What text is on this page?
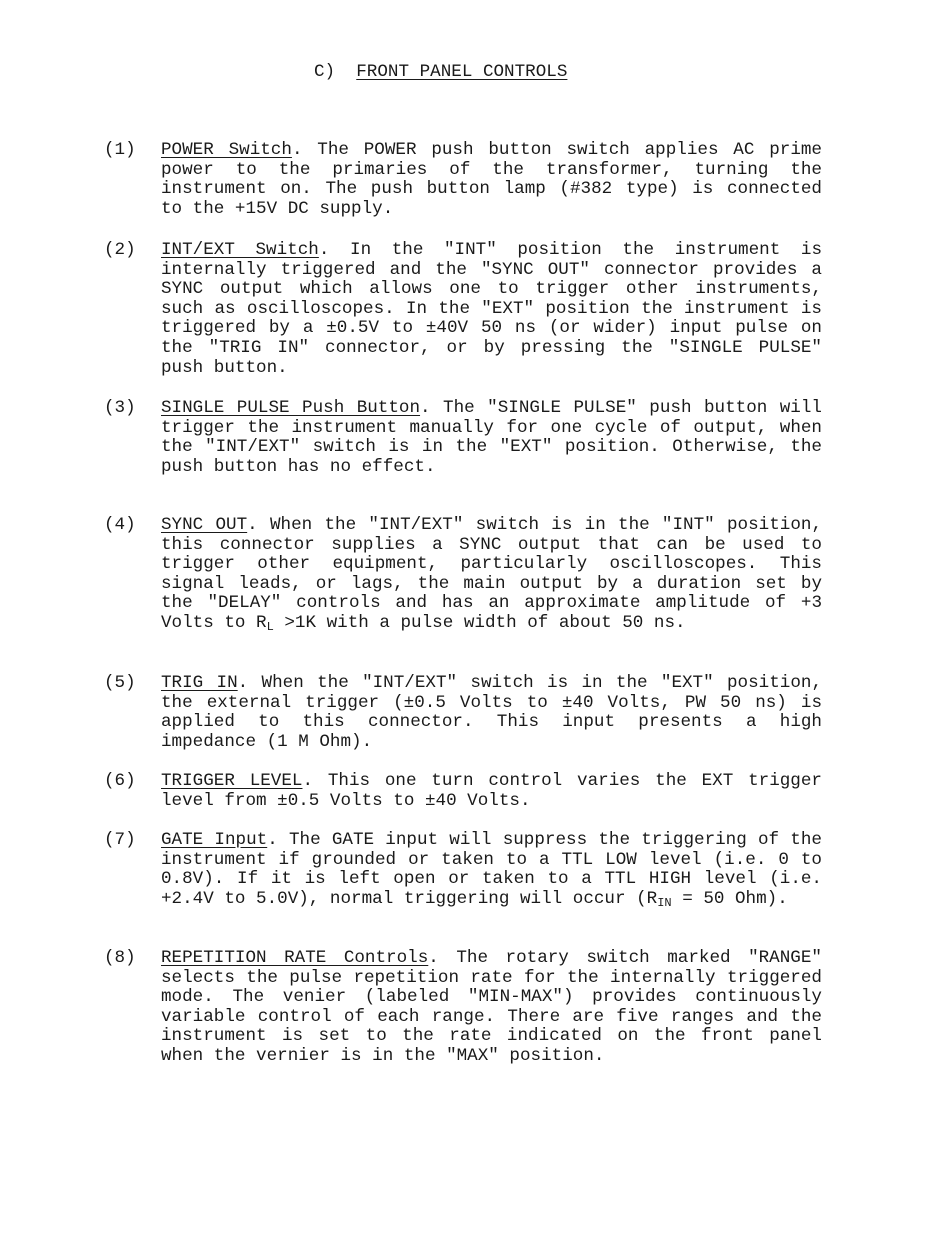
C) FRONT PANEL CONTROLS
(1) POWER Switch. The POWER push button switch applies AC prime power to the primaries of the transformer, turning the instrument on. The push button lamp (#382 type) is connected to the +15V DC supply.
(2) INT/EXT Switch. In the "INT" position the instrument is internally triggered and the "SYNC OUT" connector provides a SYNC output which allows one to trigger other instruments, such as oscilloscopes. In the "EXT" position the instrument is triggered by a ±0.5V to ±40V 50 ns (or wider) input pulse on the "TRIG IN" connector, or by pressing the "SINGLE PULSE" push button.
(3) SINGLE PULSE Push Button. The "SINGLE PULSE" push button will trigger the instrument manually for one cycle of output, when the "INT/EXT" switch is in the "EXT" position. Otherwise, the push button has no effect.
(4) SYNC OUT. When the "INT/EXT" switch is in the "INT" position, this connector supplies a SYNC output that can be used to trigger other equipment, particularly oscilloscopes. This signal leads, or lags, the main output by a duration set by the "DELAY" controls and has an approximate amplitude of +3 Volts to $R_L >1K$ with a pulse width of about 50 ns.
(5) TRIG IN. When the "INT/EXT" switch is in the "EXT" position, the external trigger (±0.5 Volts to ±40 Volts, PW 50 ns) is applied to this connector. This input presents a high impedance (1 M Ohm).
(6) TRIGGER LEVEL. This one turn control varies the EXT trigger level from ±0.5 Volts to ±40 Volts.
(7) GATE Input. The GATE input will suppress the triggering of the instrument if grounded or taken to a TTL LOW level (i.e. 0 to 0.8V). If it is left open or taken to a TTL HIGH level (i.e. +2.4V to 5.0V), normal triggering will occur ($R_{IN} = 50$ Ohm).
(8) REPETITION RATE Controls. The rotary switch marked "RANGE" selects the pulse repetition rate for the internally triggered mode. The venier (labeled "MIN-MAX") provides continuously variable control of each range. There are five ranges and the instrument is set to the rate indicated on the front panel when the vernier is in the "MAX" position.
